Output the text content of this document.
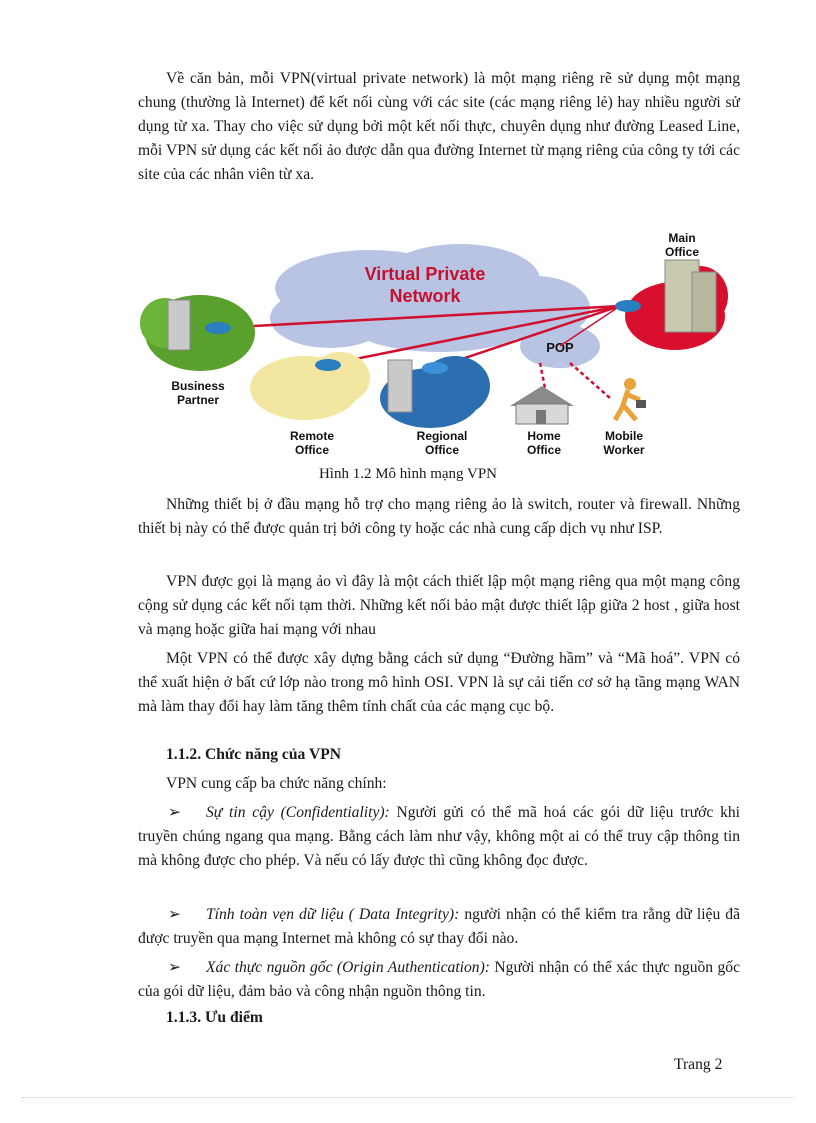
Về căn bản, mỗi VPN(virtual private network) là một mạng riêng rẽ sử dụng một mạng chung (thường là Internet) để kết nối cùng với các site (các mạng riêng lẻ) hay nhiều người sử dụng từ xa. Thay cho việc sử dụng bởi một kết nối thực, chuyên dụng như đường Leased Line, mỗi VPN sử dụng các kết nối ảo được dẫn qua đường Internet từ mạng riêng của công ty tới các site của các nhân viên từ xa.

Virtual Private
Network
POP
Business
Partner
Remote
Office
Regional
Office
Home
Office
Mobile
Worker
Main
Office
Hình 1.2 Mô hình mạng VPN

Những thiết bị ở đầu mạng hỗ trợ cho mạng riêng ảo là switch, router và firewall. Những thiết bị này có thể được quản trị bởi công ty hoặc các nhà cung cấp dịch vụ như ISP.

VPN được gọi là mạng ảo vì đây là một cách thiết lập một mạng riêng qua một mạng công cộng sử dụng các kết nối tạm thời. Những kết nối bảo mật được thiết lập giữa 2 host , giữa host và mạng hoặc giữa hai mạng với nhau

Một VPN có thể được xây dựng bằng cách sử dụng “Đường hầm” và “Mã hoá”. VPN có thể xuất hiện ở bất cứ lớp nào trong mô hình OSI. VPN là sự cải tiến cơ sở hạ tầng mạng WAN mà làm thay đổi hay làm tăng thêm tính chất của các mạng cục bộ.

1.1.2. Chức năng của VPN

VPN cung cấp ba chức năng chính:

➢ Sự tin cậy (Confidentiality): Người gửi có thể mã hoá các gói dữ liệu trước khi truyền chúng ngang qua mạng. Bằng cách làm như vậy, không một ai có thể truy cập thông tin mà không được cho phép. Và nếu có lấy được thì cũng không đọc được.

➢ Tính toàn vẹn dữ liệu ( Data Integrity): người nhận có thể kiểm tra rằng dữ liệu đã được truyền qua mạng Internet mà không có sự thay đổi nào.

➢ Xác thực nguồn gốc (Origin Authentication): Người nhận có thể xác thực nguồn gốc của gói dữ liệu, đảm bảo và công nhận nguồn thông tin.

1.1.3. Ưu điểm
Trang 2
